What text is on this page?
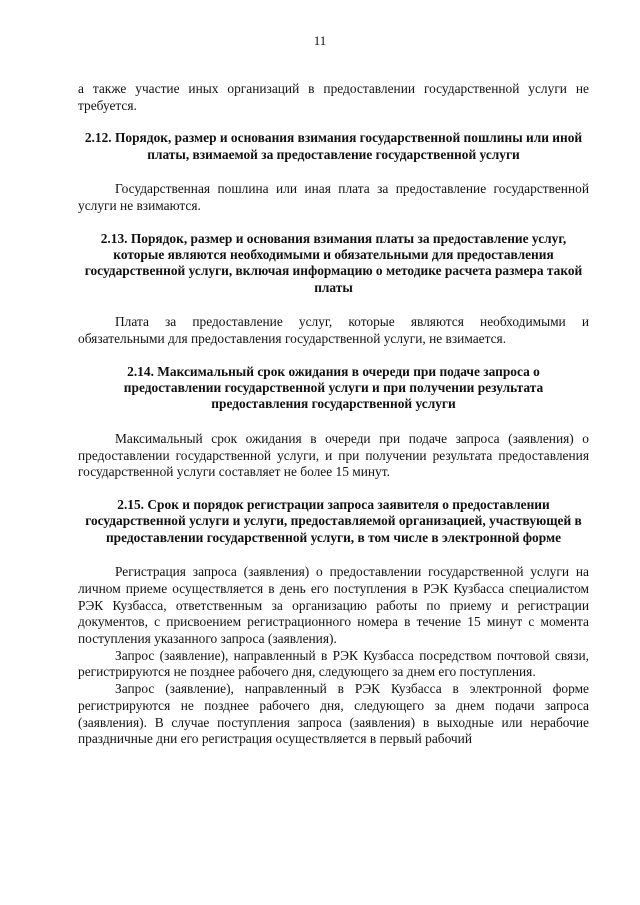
11

а также участие иных организаций в предоставлении государственной услуги не требуется.

2.12. Порядок, размер и основания взимания государственной пошлины или иной платы, взимаемой за предоставление государственной услуги

Государственная пошлина или иная плата за предоставление государственной услуги не взимаются.

2.13. Порядок, размер и основания взимания платы за предоставление услуг, которые являются необходимыми и обязательными для предоставления государственной услуги, включая информацию о методике расчета размера такой платы

Плата за предоставление услуг, которые являются необходимыми и обязательными для предоставления государственной услуги, не взимается.

2.14. Максимальный срок ожидания в очереди при подаче запроса о предоставлении государственной услуги и при получении результата предоставления государственной услуги

Максимальный срок ожидания в очереди при подаче запроса (заявления) о предоставлении государственной услуги, и при получении результата предоставления государственной услуги составляет не более 15 минут.

2.15. Срок и порядок регистрации запроса заявителя о предоставлении государственной услуги и услуги, предоставляемой организацией, участвующей в предоставлении государственной услуги, в том числе в электронной форме

Регистрация запроса (заявления) о предоставлении государственной услуги на личном приеме осуществляется в день его поступления в РЭК Кузбасса специалистом РЭК Кузбасса, ответственным за организацию работы по приему и регистрации документов, с присвоением регистрационного номера в течение 15 минут с момента поступления указанного запроса (заявления).

Запрос (заявление), направленный в РЭК Кузбасса посредством почтовой связи, регистрируются не позднее рабочего дня, следующего за днем его поступления.

Запрос (заявление), направленный в РЭК Кузбасса в электронной форме регистрируются не позднее рабочего дня, следующего за днем подачи запроса (заявления). В случае поступления запроса (заявления) в выходные или нерабочие праздничные дни его регистрация осуществляется в первый рабочий
